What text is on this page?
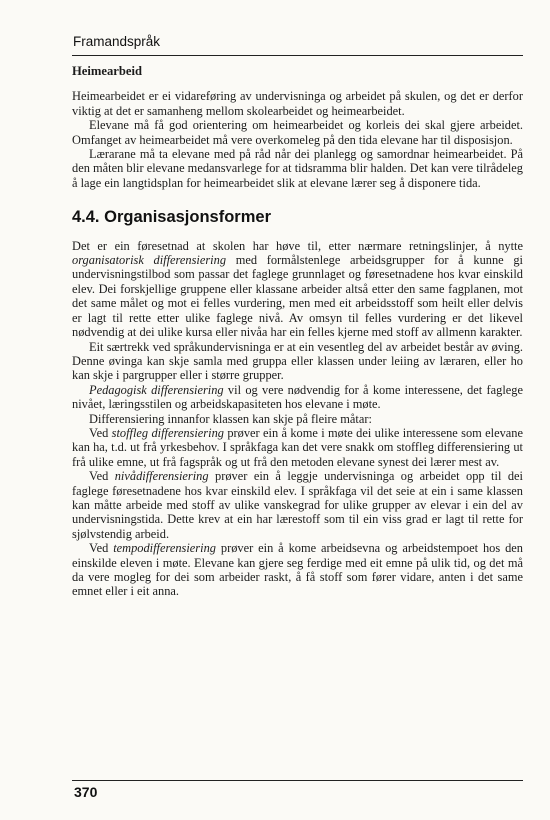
Framandspråk
Heimearbeid

Heimearbeidet er ei vidareføring av undervisninga og arbeidet på skulen, og det er derfor viktig at det er samanheng mellom skolearbeidet og heimearbeidet.

Elevane må få god orientering om heimearbeidet og korleis dei skal gjere arbeidet. Omfanget av heimearbeidet må vere overkomeleg på den tida elevane har til disposisjon.

Lærarane må ta elevane med på råd når dei planlegg og samordnar heimearbeidet. På den måten blir elevane medansvarlege for at tidsramma blir halden. Det kan vere tilrådeleg å lage ein langtidsplan for heimearbeidet slik at elevane lærer seg å disponere tida.

4.4. Organisasjonsformer

Det er ein føresetnad at skolen har høve til, etter nærmare retningslinjer, å nytte organisatorisk differensiering med formålstenlege arbeidsgrupper for å kunne gi undervisningstilbod som passar det faglege grunnlaget og føresetnadene hos kvar einskild elev. Dei forskjellige gruppene eller klassane arbeider altså etter den same fagplanen, mot det same målet og mot ei felles vurdering, men med eit arbeidsstoff som heilt eller delvis er lagt til rette etter ulike faglege nivå. Av omsyn til felles vurdering er det likevel nødvendig at dei ulike kursa eller nivåa har ein felles kjerne med stoff av allmenn karakter.

Eit særtrekk ved språkundervisninga er at ein vesentleg del av arbeidet består av øving. Denne øvinga kan skje samla med gruppa eller klassen under leiing av læraren, eller ho kan skje i pargrupper eller i større grupper.

Pedagogisk differensiering vil og vere nødvendig for å kome interessene, det faglege nivået, læringsstilen og arbeidskapasiteten hos elevane i møte.

Differensiering innanfor klassen kan skje på fleire måtar:

Ved stoffleg differensiering prøver ein å kome i møte dei ulike interessene som elevane kan ha, t.d. ut frå yrkesbehov. I språkfaga kan det vere snakk om stoffleg differensiering ut frå ulike emne, ut frå fagspråk og ut frå den metoden elevane synest dei lærer mest av.

Ved nivådifferensiering prøver ein å leggje undervisninga og arbeidet opp til dei faglege føresetnadene hos kvar einskild elev. I språkfaga vil det seie at ein i same klassen kan måtte arbeide med stoff av ulike vanskegrad for ulike grupper av elevar i ein del av undervisningstida. Dette krev at ein har lærestoff som til ein viss grad er lagt til rette for sjølvstendig arbeid.

Ved tempodifferensiering prøver ein å kome arbeidsevna og arbeidstempoet hos den einskilde eleven i møte. Elevane kan gjere seg ferdige med eit emne på ulik tid, og det må da vere mogleg for dei som arbeider raskt, å få stoff som fører vidare, anten i det same emnet eller i eit anna.

370
